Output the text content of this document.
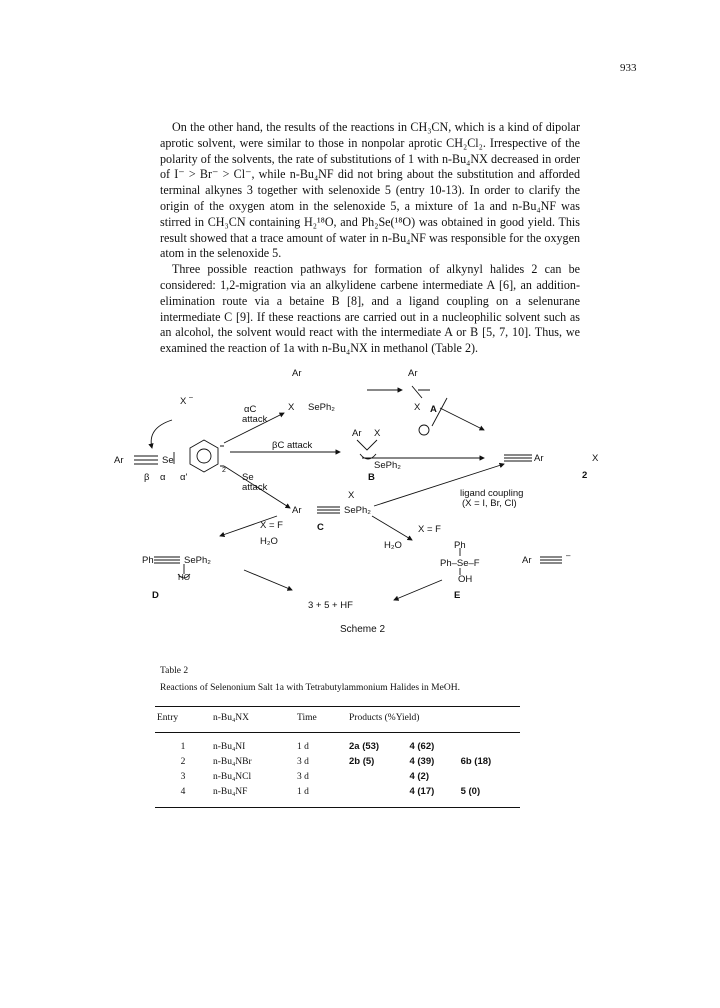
933

On the other hand, the results of the reactions in CH₃CN, which is a kind of dipolar aprotic solvent, were similar to those in nonpolar aprotic CH₂Cl₂. Irrespective of the polarity of the solvents, the rate of substitutions of 1 with n-Bu₄NX decreased in order of I⁻ > Br⁻ > Cl⁻, while n-Bu₄NF did not bring about the substitution and afforded terminal alkynes 3 together with selenoxide 5 (entry 10-13). In order to clarify the origin of the oxygen atom in the selenoxide 5, a mixture of 1a and n-Bu₄NF was stirred in CH₃CN containing H₂¹⁸O, and Ph₂Se(¹⁸O) was obtained in good yield. This result showed that a trace amount of water in n-Bu₄NF was responsible for the oxygen atom in the selenoxide 5.

Three possible reaction pathways for formation of alkynyl halides 2 can be considered: 1,2-migration via an alkylidene carbene intermediate A [6], an addition-elimination route via a betaine B [8], and a ligand coupling on a selenurane intermediate C [9]. If these reactions are carried out in a nucleophilic solvent such as an alcohol, the solvent would react with the intermediate A or B [5, 7, 10]. Thus, we examined the reaction of 1a with n-Bu₄NX in methanol (Table 2).

X –
αC
attack
βC attack
Se
attack
Ar	Se
2
β α α'
Ar
X SePh₂
Ar
X A
Ar X
SePh₂
B
Ar	X
2
ligand coupling
(X = I, Br, Cl)
X
Ar	SePh₂
C
X = F
H₂O
X = F
H₂O
Ph	SePh₂
HO
D
Ph
Ph–Se–F
OH
E
Ar	–
3 + 5 + HF
Scheme 2
Table 2
Reactions of Selenonium Salt 1a with Tetrabutylammonium Halides in MeOH.
Entry	n-Bu₄NX	Time	Products (%Yield)		
1	n-Bu₄NI	1 d	2a (53)	4 (62)	
2	n-Bu₄NBr	3 d	2b (5)	4 (39)	6b (18)
3	n-Bu₄NCl	3 d		4 (2)	
4	n-Bu₄NF	1 d		4 (17)	5 (0)
